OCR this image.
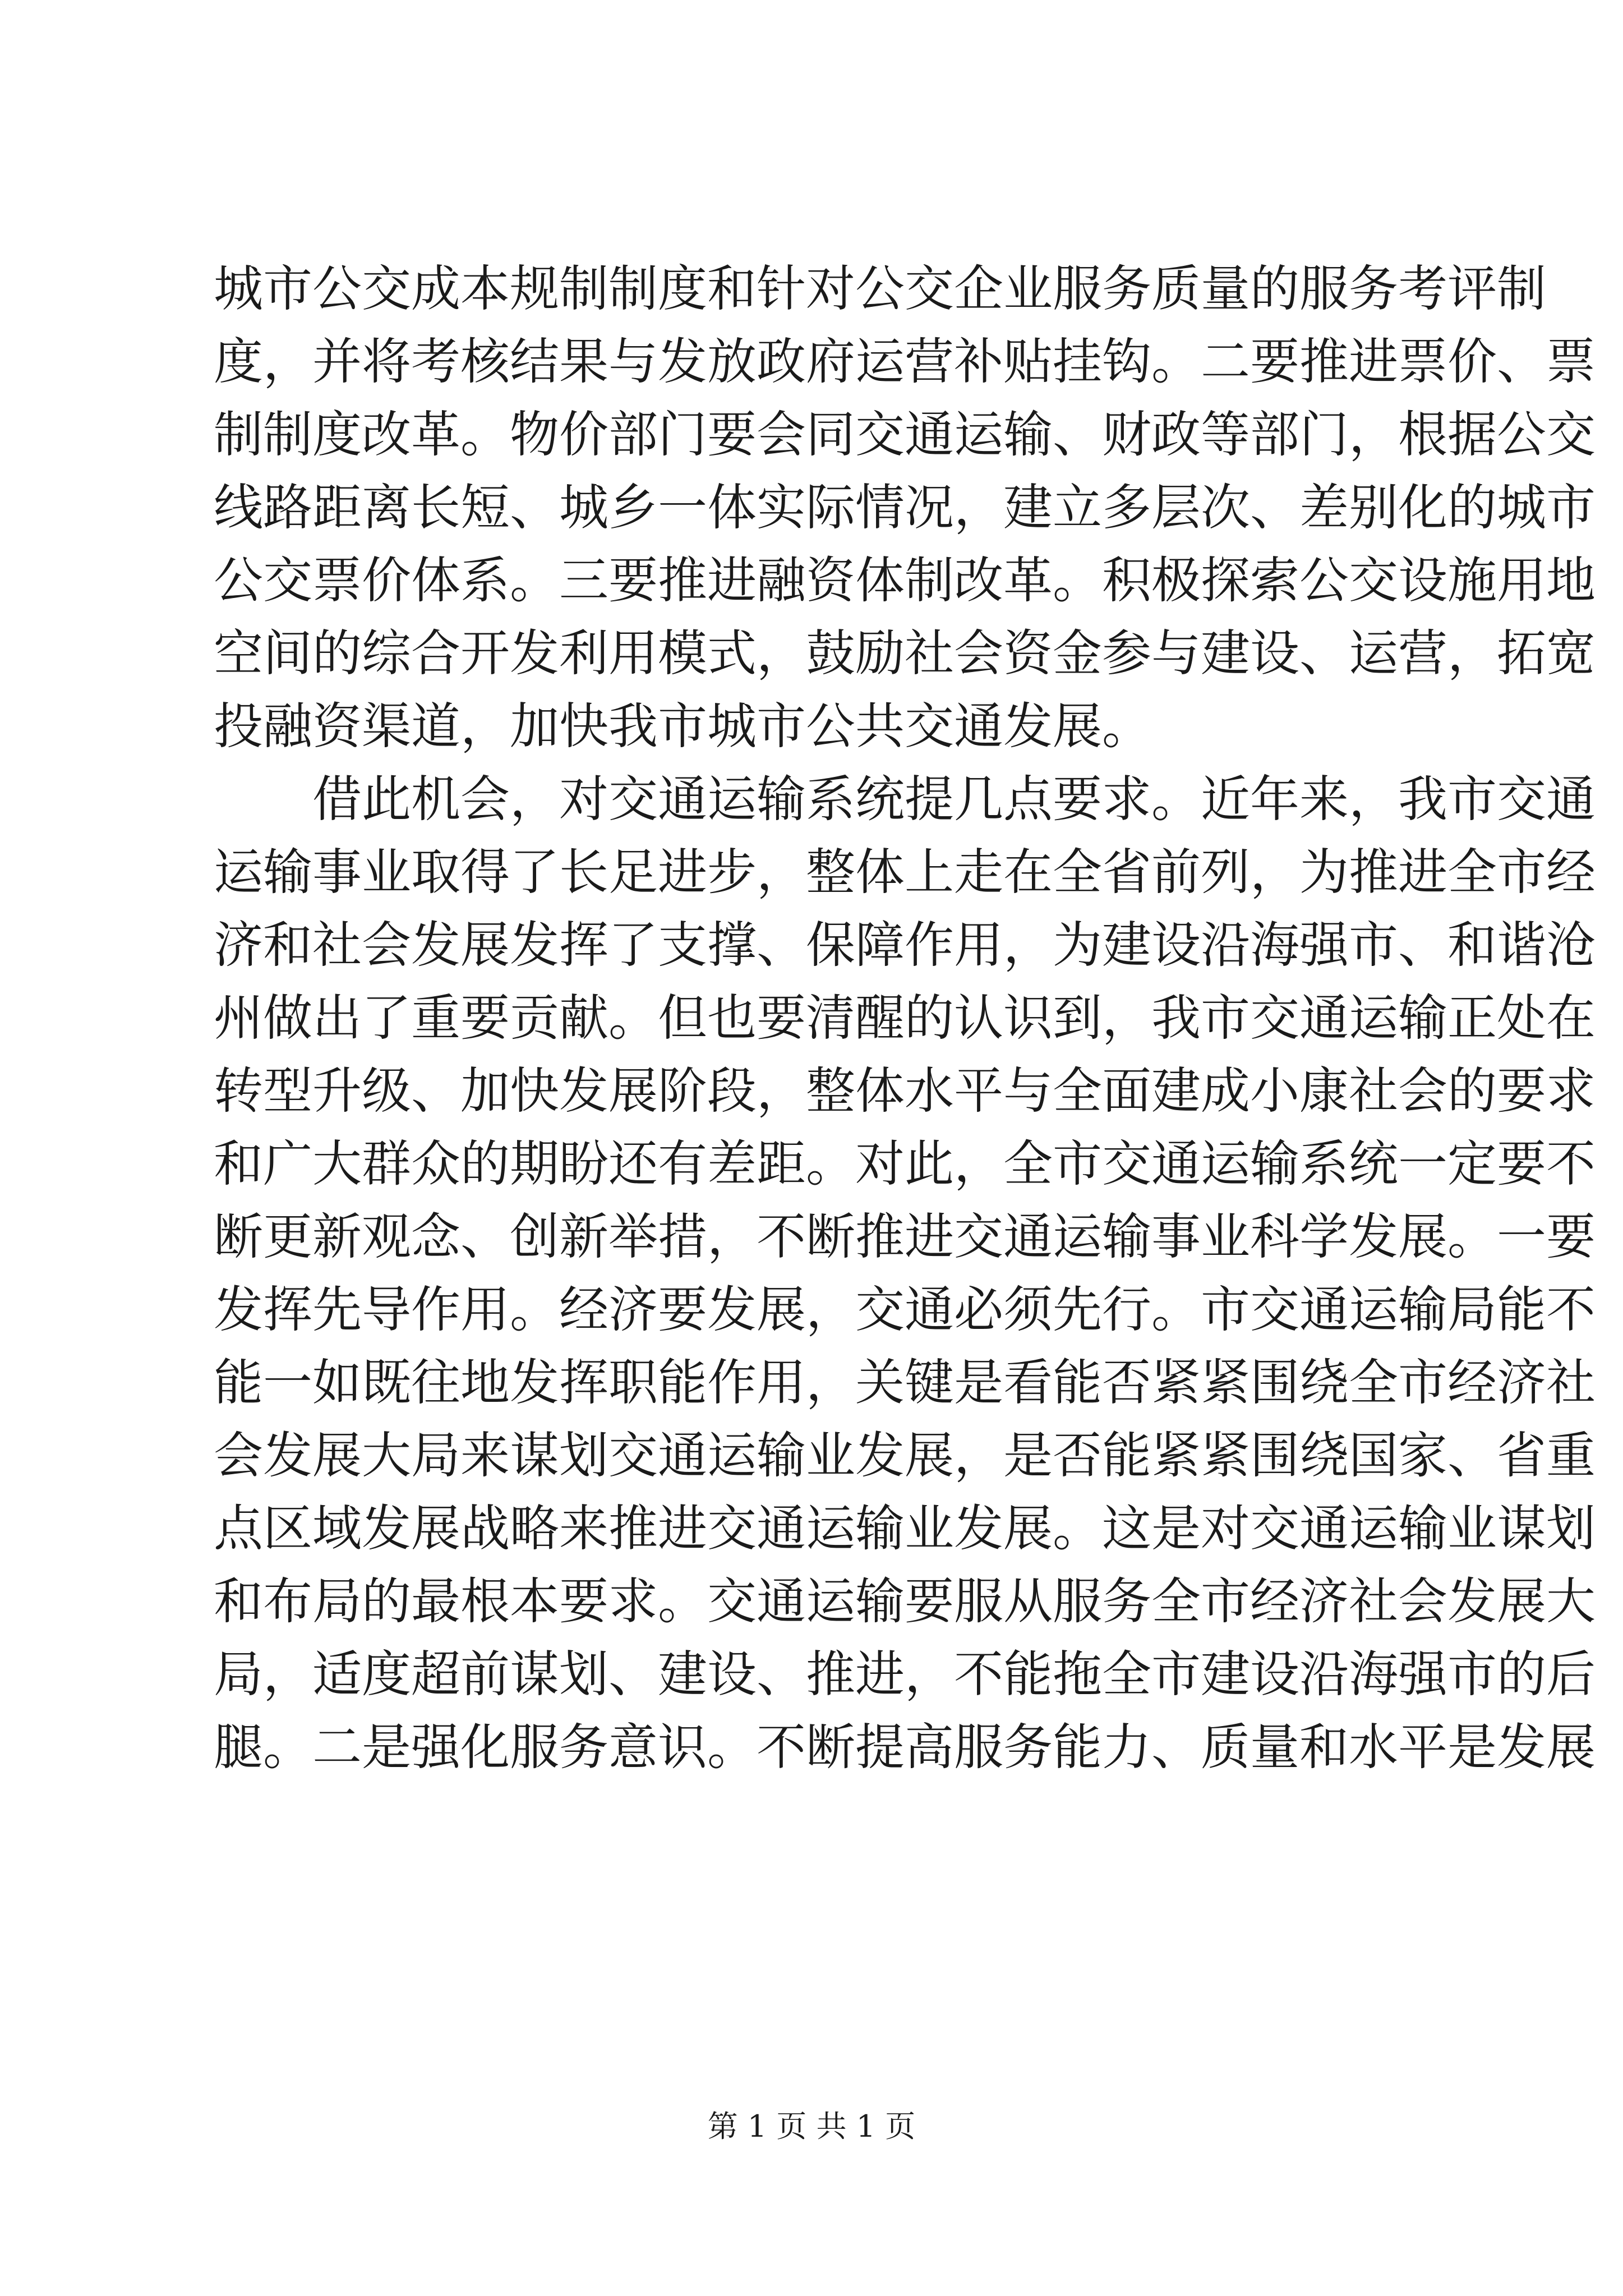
城市公交成本规制制度和针对公交企业服务质量的服务考评制
度，并将考核结果与发放政府运营补贴挂钩。二要推进票价、票
制制度改革。物价部门要会同交通运输、财政等部门，根据公交
线路距离长短、城乡一体实际情况，建立多层次、差别化的城市
公交票价体系。三要推进融资体制改革。积极探索公交设施用地
空间的综合开发利用模式，鼓励社会资金参与建设、运营，拓宽
投融资渠道，加快我市城市公共交通发展。
借此机会，对交通运输系统提几点要求。近年来，我市交通
运输事业取得了长足进步，整体上走在全省前列，为推进全市经
济和社会发展发挥了支撑、保障作用，为建设沿海强市、和谐沧
州做出了重要贡献。但也要清醒的认识到，我市交通运输正处在
转型升级、加快发展阶段，整体水平与全面建成小康社会的要求
和广大群众的期盼还有差距。对此，全市交通运输系统一定要不
断更新观念、创新举措，不断推进交通运输事业科学发展。一要
发挥先导作用。经济要发展，交通必须先行。市交通运输局能不
能一如既往地发挥职能作用，关键是看能否紧紧围绕全市经济社
会发展大局来谋划交通运输业发展，是否能紧紧围绕国家、省重
点区域发展战略来推进交通运输业发展。这是对交通运输业谋划
和布局的最根本要求。交通运输要服从服务全市经济社会发展大
局，适度超前谋划、建设、推进，不能拖全市建设沿海强市的后
腿。二是强化服务意识。不断提高服务能力、质量和水平是发展
第 1 页 共 1 页
